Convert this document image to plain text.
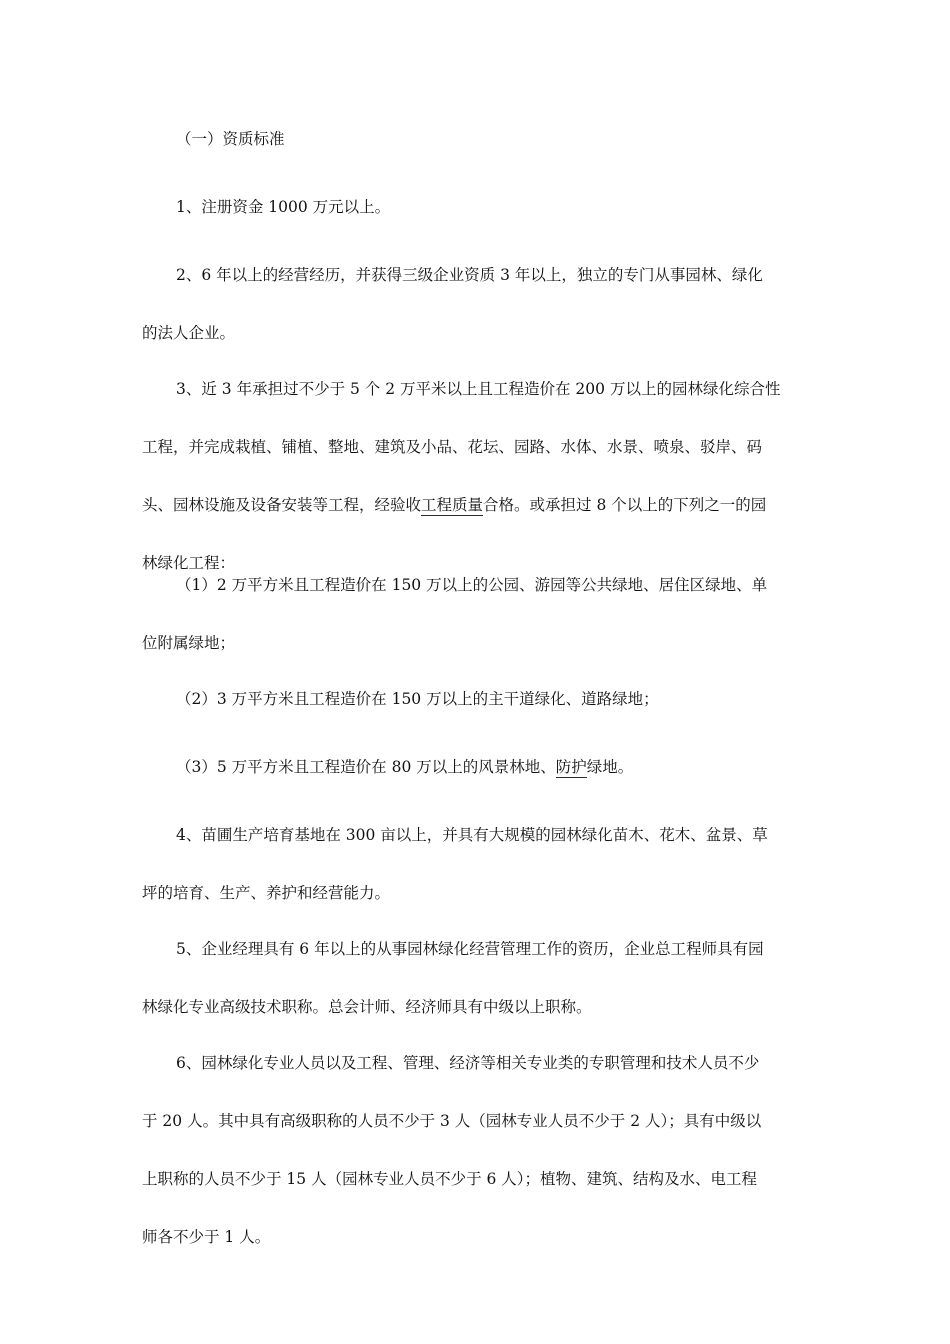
（一）资质标准
1、注册资金 1000 万元以上。
2、6 年以上的经营经历，并获得三级企业资质 3 年以上，独立的专门从事园林、绿化
的法人企业。
3、近 3 年承担过不少于 5 个 2 万平米以上且工程造价在 200 万以上的园林绿化综合性
工程，并完成栽植、铺植、整地、建筑及小品、花坛、园路、水体、水景、喷泉、驳岸、码
头、园林设施及设备安装等工程，经验收工程质量合格。或承担过 8 个以上的下列之一的园
林绿化工程：
（1）2 万平方米且工程造价在 150 万以上的公园、游园等公共绿地、居住区绿地、单
位附属绿地；
（2）3 万平方米且工程造价在 150 万以上的主干道绿化、道路绿地；
（3）5 万平方米且工程造价在 80 万以上的风景林地、防护绿地。
4、苗圃生产培育基地在 300 亩以上，并具有大规模的园林绿化苗木、花木、盆景、草
坪的培育、生产、养护和经营能力。
5、企业经理具有 6 年以上的从事园林绿化经营管理工作的资历，企业总工程师具有园
林绿化专业高级技术职称。总会计师、经济师具有中级以上职称。
6、园林绿化专业人员以及工程、管理、经济等相关专业类的专职管理和技术人员不少
于 20 人。其中具有高级职称的人员不少于 3 人（园林专业人员不少于 2 人）；具有中级以
上职称的人员不少于 15 人（园林专业人员不少于 6 人）；植物、建筑、结构及水、电工程
师各不少于 1 人。
